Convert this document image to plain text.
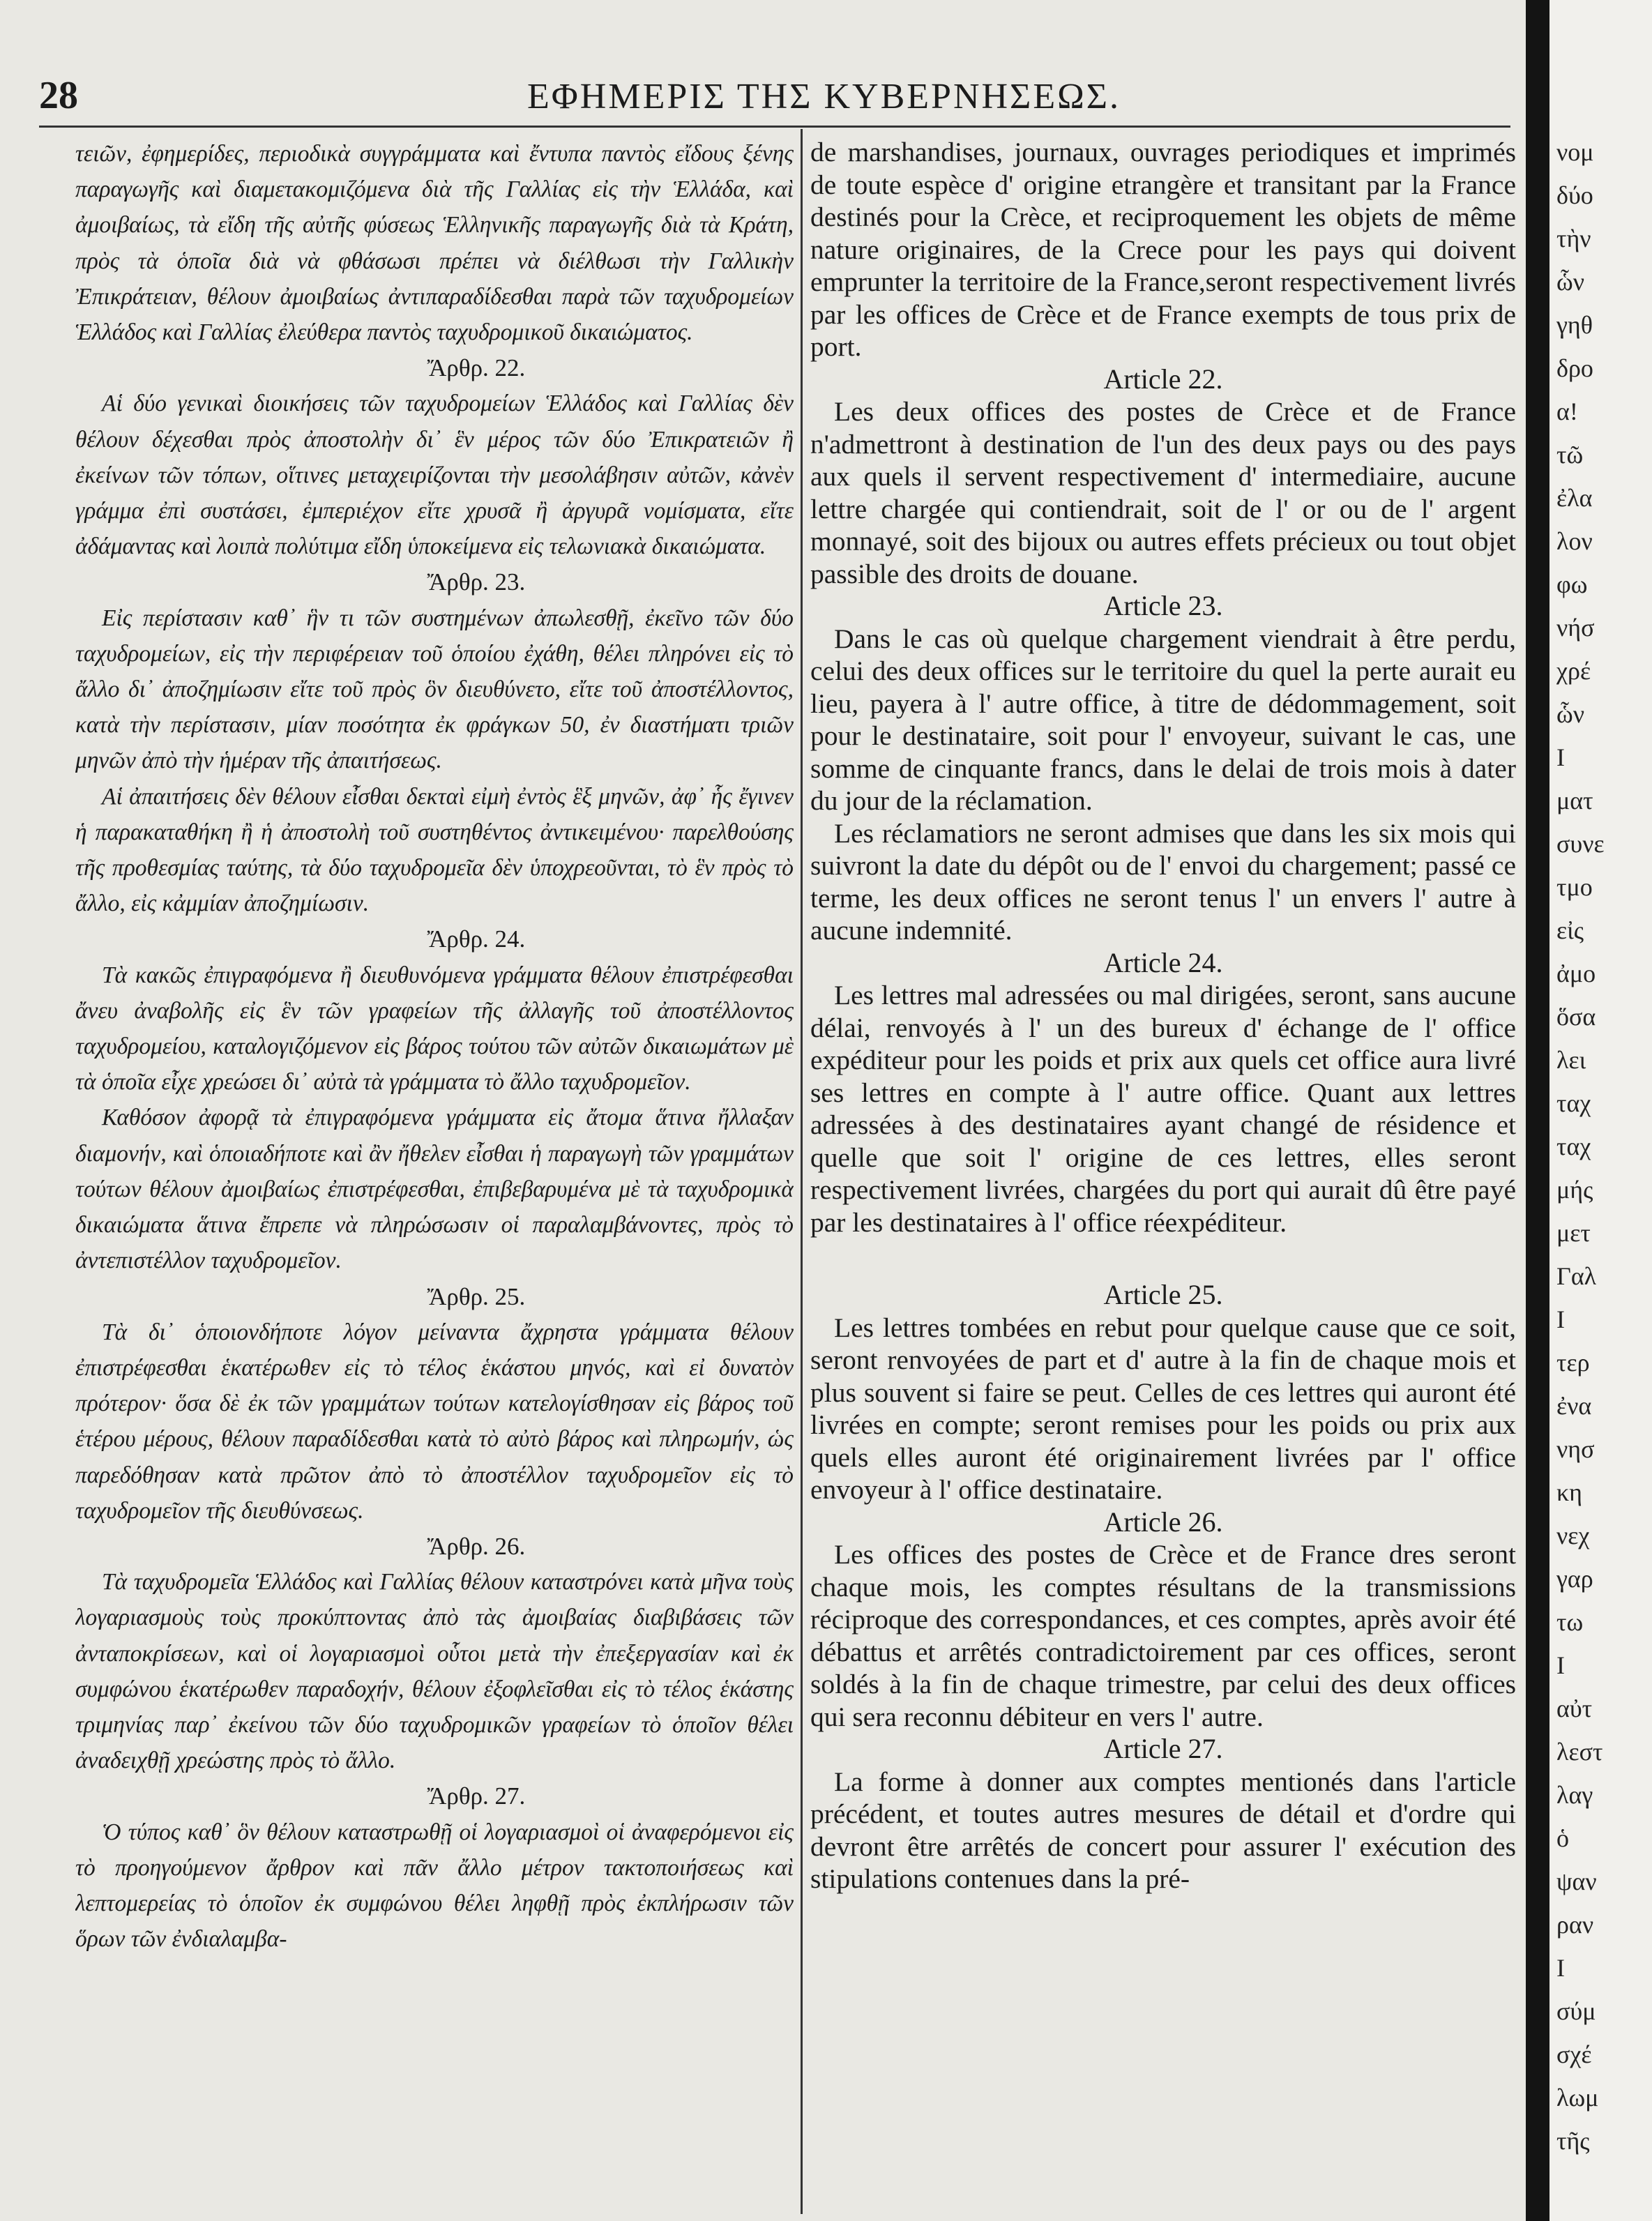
28	ΕΦΗΜΕΡΙΣ ΤΗΣ ΚΥΒΕΡΝΗΣΕΩΣ.

τειῶν, ἐφημερίδες, περιοδικὰ συγγράμματα καὶ ἔντυπα παντὸς εἴδους ξένης παραγωγῆς καὶ διαμετακομιζόμενα διὰ τῆς Γαλλίας εἰς τὴν Ἑλλάδα, καὶ ἀμοιβαίως, τὰ εἴδη τῆς αὐτῆς φύσεως Ἑλληνικῆς παραγωγῆς διὰ τὰ Κράτη, πρὸς τὰ ὁποῖα διὰ νὰ φθάσωσι πρέπει νὰ διέλθωσι τὴν Γαλλικὴν Ἐπικράτειαν, θέλουν ἀμοιβαίως ἀντιπαραδίδεσθαι παρὰ τῶν ταχυδρομείων Ἑλλάδος καὶ Γαλλίας ἐλεύθερα παντὸς ταχυδρομικοῦ δικαιώματος.

Ἄρθρ. 22.

Αἱ δύο γενικαὶ διοικήσεις τῶν ταχυδρομείων Ἑλλάδος καὶ Γαλλίας δὲν θέλουν δέχεσθαι πρὸς ἀποστολὴν δι᾿ ἓν μέρος τῶν δύο Ἐπικρατειῶν ἢ ἐκείνων τῶν τόπων, οἵτινες μεταχειρίζονται τὴν μεσολάβησιν αὐτῶν, κἀνὲν γράμμα ἐπὶ συστάσει, ἐμπεριέχον εἴτε χρυσᾶ ἢ ἀργυρᾶ νομίσματα, εἴτε ἀδάμαντας καὶ λοιπὰ πολύτιμα εἴδη ὑποκείμενα εἰς τελωνιακὰ δικαιώματα.

Ἄρθρ. 23.

Εἰς περίστασιν καθ᾿ ἣν τι τῶν συστημένων ἀπωλεσθῇ, ἐκεῖνο τῶν δύο ταχυδρομείων, εἰς τὴν περιφέρειαν τοῦ ὁποίου ἐχάθη, θέλει πληρόνει εἰς τὸ ἄλλο δι᾿ ἀποζημίωσιν εἴτε τοῦ πρὸς ὃν διευθύνετο, εἴτε τοῦ ἀποστέλλοντος, κατὰ τὴν περίστασιν, μίαν ποσότητα ἐκ φράγκων 50, ἐν διαστήματι τριῶν μηνῶν ἀπὸ τὴν ἡμέραν τῆς ἀπαιτήσεως.

Αἱ ἀπαιτήσεις δὲν θέλουν εἶσθαι δεκταὶ εἰμὴ ἐντὸς ἓξ μηνῶν, ἀφ᾿ ἧς ἔγινεν ἡ παρακαταθήκη ἢ ἡ ἀποστολὴ τοῦ συστηθέντος ἀντικειμένου· παρελθούσης τῆς προθεσμίας ταύτης, τὰ δύο ταχυδρομεῖα δὲν ὑποχρεοῦνται, τὸ ἓν πρὸς τὸ ἄλλο, εἰς κἀμμίαν ἀποζημίωσιν.

Ἄρθρ. 24.

Τὰ κακῶς ἐπιγραφόμενα ἢ διευθυνόμενα γράμματα θέλουν ἐπιστρέφεσθαι ἄνευ ἀναβολῆς εἰς ἓν τῶν γραφείων τῆς ἀλλαγῆς τοῦ ἀποστέλλοντος ταχυδρομείου, καταλογιζόμενον εἰς βάρος τούτου τῶν αὐτῶν δικαιωμάτων μὲ τὰ ὁποῖα εἶχε χρεώσει δι᾿ αὐτὰ τὰ γράμματα τὸ ἄλλο ταχυδρομεῖον.

Καθόσον ἀφορᾷ τὰ ἐπιγραφόμενα γράμματα εἰς ἄτομα ἅτινα ἤλλαξαν διαμονήν, καὶ ὁποιαδήποτε καὶ ἂν ἤθελεν εἶσθαι ἡ παραγωγὴ τῶν γραμμάτων τούτων θέλουν ἀμοιβαίως ἐπιστρέφεσθαι, ἐπιβεβαρυμένα μὲ τὰ ταχυδρομικὰ δικαιώματα ἅτινα ἔπρεπε νὰ πληρώσωσιν οἱ παραλαμβάνοντες, πρὸς τὸ ἀντεπιστέλλον ταχυδρομεῖον.

Ἄρθρ. 25.

Τὰ δι᾿ ὁποιονδήποτε λόγον μείναντα ἄχρηστα γράμματα θέλουν ἐπιστρέφεσθαι ἑκατέρωθεν εἰς τὸ τέλος ἑκάστου μηνός, καὶ εἰ δυνατὸν πρότερον· ὅσα δὲ ἐκ τῶν γραμμάτων τούτων κατελογίσθησαν εἰς βάρος τοῦ ἑτέρου μέρους, θέλουν παραδίδεσθαι κατὰ τὸ αὐτὸ βάρος καὶ πληρωμήν, ὡς παρεδόθησαν κατὰ πρῶτον ἀπὸ τὸ ἀποστέλλον ταχυδρομεῖον εἰς τὸ ταχυδρομεῖον τῆς διευθύνσεως.

Ἄρθρ. 26.

Τὰ ταχυδρομεῖα Ἑλλάδος καὶ Γαλλίας θέλουν καταστρόνει κατὰ μῆνα τοὺς λογαριασμοὺς τοὺς προκύπτοντας ἀπὸ τὰς ἀμοιβαίας διαβιβάσεις τῶν ἀνταποκρίσεων, καὶ οἱ λογαριασμοὶ οὗτοι μετὰ τὴν ἐπεξεργασίαν καὶ ἐκ συμφώνου ἑκατέρωθεν παραδοχήν, θέλουν ἐξοφλεῖσθαι εἰς τὸ τέλος ἑκάστης τριμηνίας παρ᾿ ἐκείνου τῶν δύο ταχυδρομικῶν γραφείων τὸ ὁποῖον θέλει ἀναδειχθῇ χρεώστης πρὸς τὸ ἄλλο.

Ἄρθρ. 27.

Ὁ τύπος καθ᾿ ὃν θέλουν καταστρωθῇ οἱ λογαριασμοὶ οἱ ἀναφερόμενοι εἰς τὸ προηγούμενον ἄρθρον καὶ πᾶν ἄλλο μέτρον τακτοποιήσεως καὶ λεπτομερείας τὸ ὁποῖον ἐκ συμφώνου θέλει ληφθῇ πρὸς ἐκπλήρωσιν τῶν ὅρων τῶν ἐνδιαλαμβα-

de marshandises, journaux, ouvrages periodiques et imprimés de toute espèce d' origine etrangère et transitant par la France destinés pour la Crèce, et reciproquement les objets de même nature originaires, de la Crece pour les pays qui doivent emprunter la territoire de la France,seront respectivement livrés par les offices de Crèce et de France exempts de tous prix de port.

Article 22.

Les deux offices des postes de Crèce et de France n'admettront à destination de l'un des deux pays ou des pays aux quels il servent respectivement d' intermediaire, aucune lettre chargée qui contiendrait, soit de l' or ou de l' argent monnayé, soit des bijoux ou autres effets précieux ou tout objet passible des droits de douane.

Article 23.

Dans le cas où quelque chargement viendrait à être perdu, celui des deux offices sur le territoire du quel la perte aurait eu lieu, payera à l' autre office, à titre de dédommagement, soit pour le destinataire, soit pour l' envoyeur, suivant le cas, une somme de cinquante francs, dans le delai de trois mois à dater du jour de la réclamation.

Les réclamatiors ne seront admises que dans les six mois qui suivront la date du dépôt ou de l' envoi du chargement; passé ce terme, les deux offices ne seront tenus l' un envers l' autre à aucune indemnité.

Article 24.

Les lettres mal adressées ou mal dirigées, seront, sans aucune délai, renvoyés à l' un des bureux d' échange de l' office expéditeur pour les poids et prix aux quels cet office aura livré ses lettres en compte à l' autre office. Quant aux lettres adressées à des destinataires ayant changé de résidence et quelle que soit l' origine de ces lettres, elles seront respectivement livrées, chargées du port qui aurait dû être payé par les destinataires à l' office réexpéditeur.

Article 25.

Les lettres tombées en rebut pour quelque cause que ce soit, seront renvoyées de part et d' autre à la fin de chaque mois et plus souvent si faire se peut. Celles de ces lettres qui auront été livrées en compte; seront remises pour les poids ou prix aux quels elles auront été originairement livrées par l' office envoyeur à l' office destinataire.

Article 26.

Les offices des postes de Crèce et de France dres seront chaque mois, les comptes résultans de la transmissions réciproque des correspondances, et ces comptes, après avoir été débattus et arrêtés contradictoirement par ces offices, seront soldés à la fin de chaque trimestre, par celui des deux offices qui sera reconnu débiteur en vers l' autre.

Article 27.

La forme à donner aux comptes mentionés dans l'article précédent, et toutes autres mesures de détail et d'ordre qui devront être arrêtés de concert pour assurer l' exécution des stipulations contenues dans la pré-

νομ
δύο
τὴν
ὧν
γηθ
δρο
α!
τῶ
ἐλα
λον
φω
νήσ
χρέ
ὧν
Ι
ματ
συνε
τμο
εἰς
ἀμο
ὅσα
λει
ταχ
ταχ
μής
μετ
Γαλ
Ι
τερ
ἐνα
νησ
κη
νεχ
γαρ
τω
Ι
αὐτ
λεστ
λαγ
ὁ
ψαν
ραν
Ι
σύμ
σχέ
λωμ
τῆς
